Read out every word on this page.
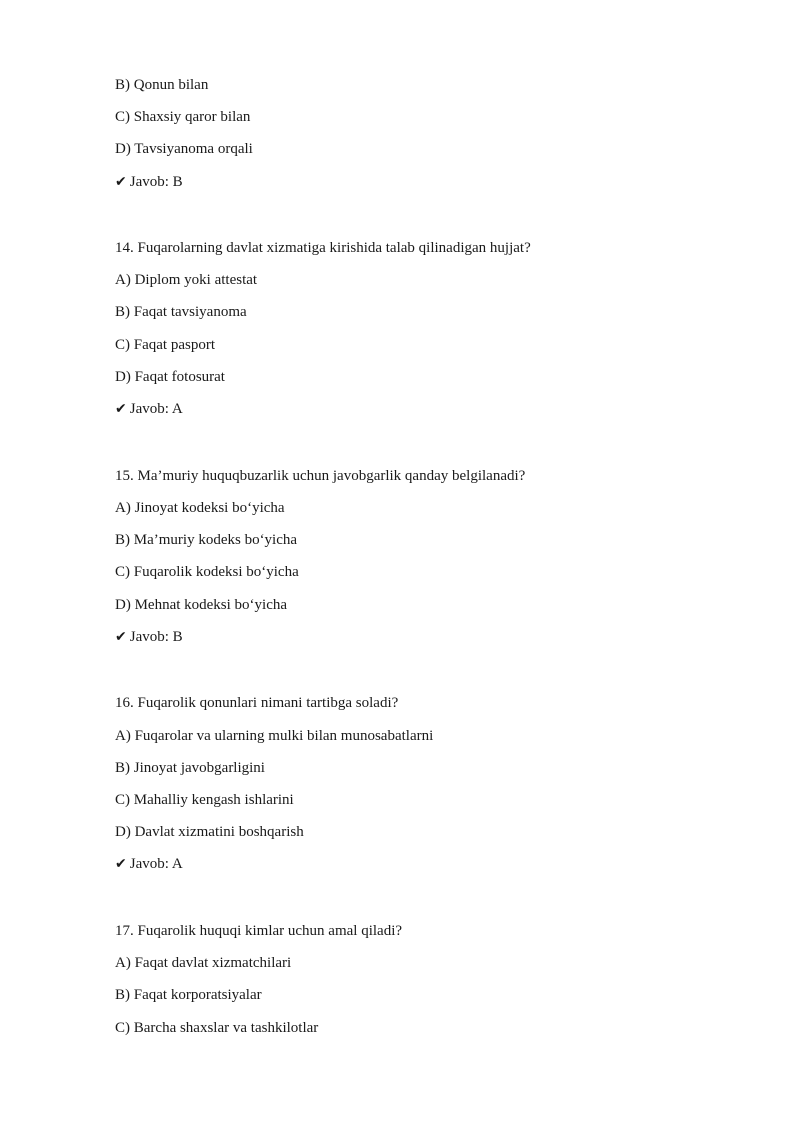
B) Qonun bilan
C) Shaxsiy qaror bilan
D) Tavsiyanoma orqali
✔ Javob: B
14. Fuqarolarning davlat xizmatiga kirishida talab qilinadigan hujjat?
A) Diplom yoki attestat
B) Faqat tavsiyanoma
C) Faqat pasport
D) Faqat fotosurat
✔ Javob: A
15. Ma’muriy huquqbuzarlik uchun javobgarlik qanday belgilanadi?
A) Jinoyat kodeksi bo‘yicha
B) Ma’muriy kodeks bo‘yicha
C) Fuqarolik kodeksi bo‘yicha
D) Mehnat kodeksi bo‘yicha
✔ Javob: B
16. Fuqarolik qonunlari nimani tartibga soladi?
A) Fuqarolar va ularning mulki bilan munosabatlarni
B) Jinoyat javobgarligini
C) Mahalliy kengash ishlarini
D) Davlat xizmatini boshqarish
✔ Javob: A
17. Fuqarolik huquqi kimlar uchun amal qiladi?
A) Faqat davlat xizmatchilari
B) Faqat korporatsiyalar
C) Barcha shaxslar va tashkilotlar
